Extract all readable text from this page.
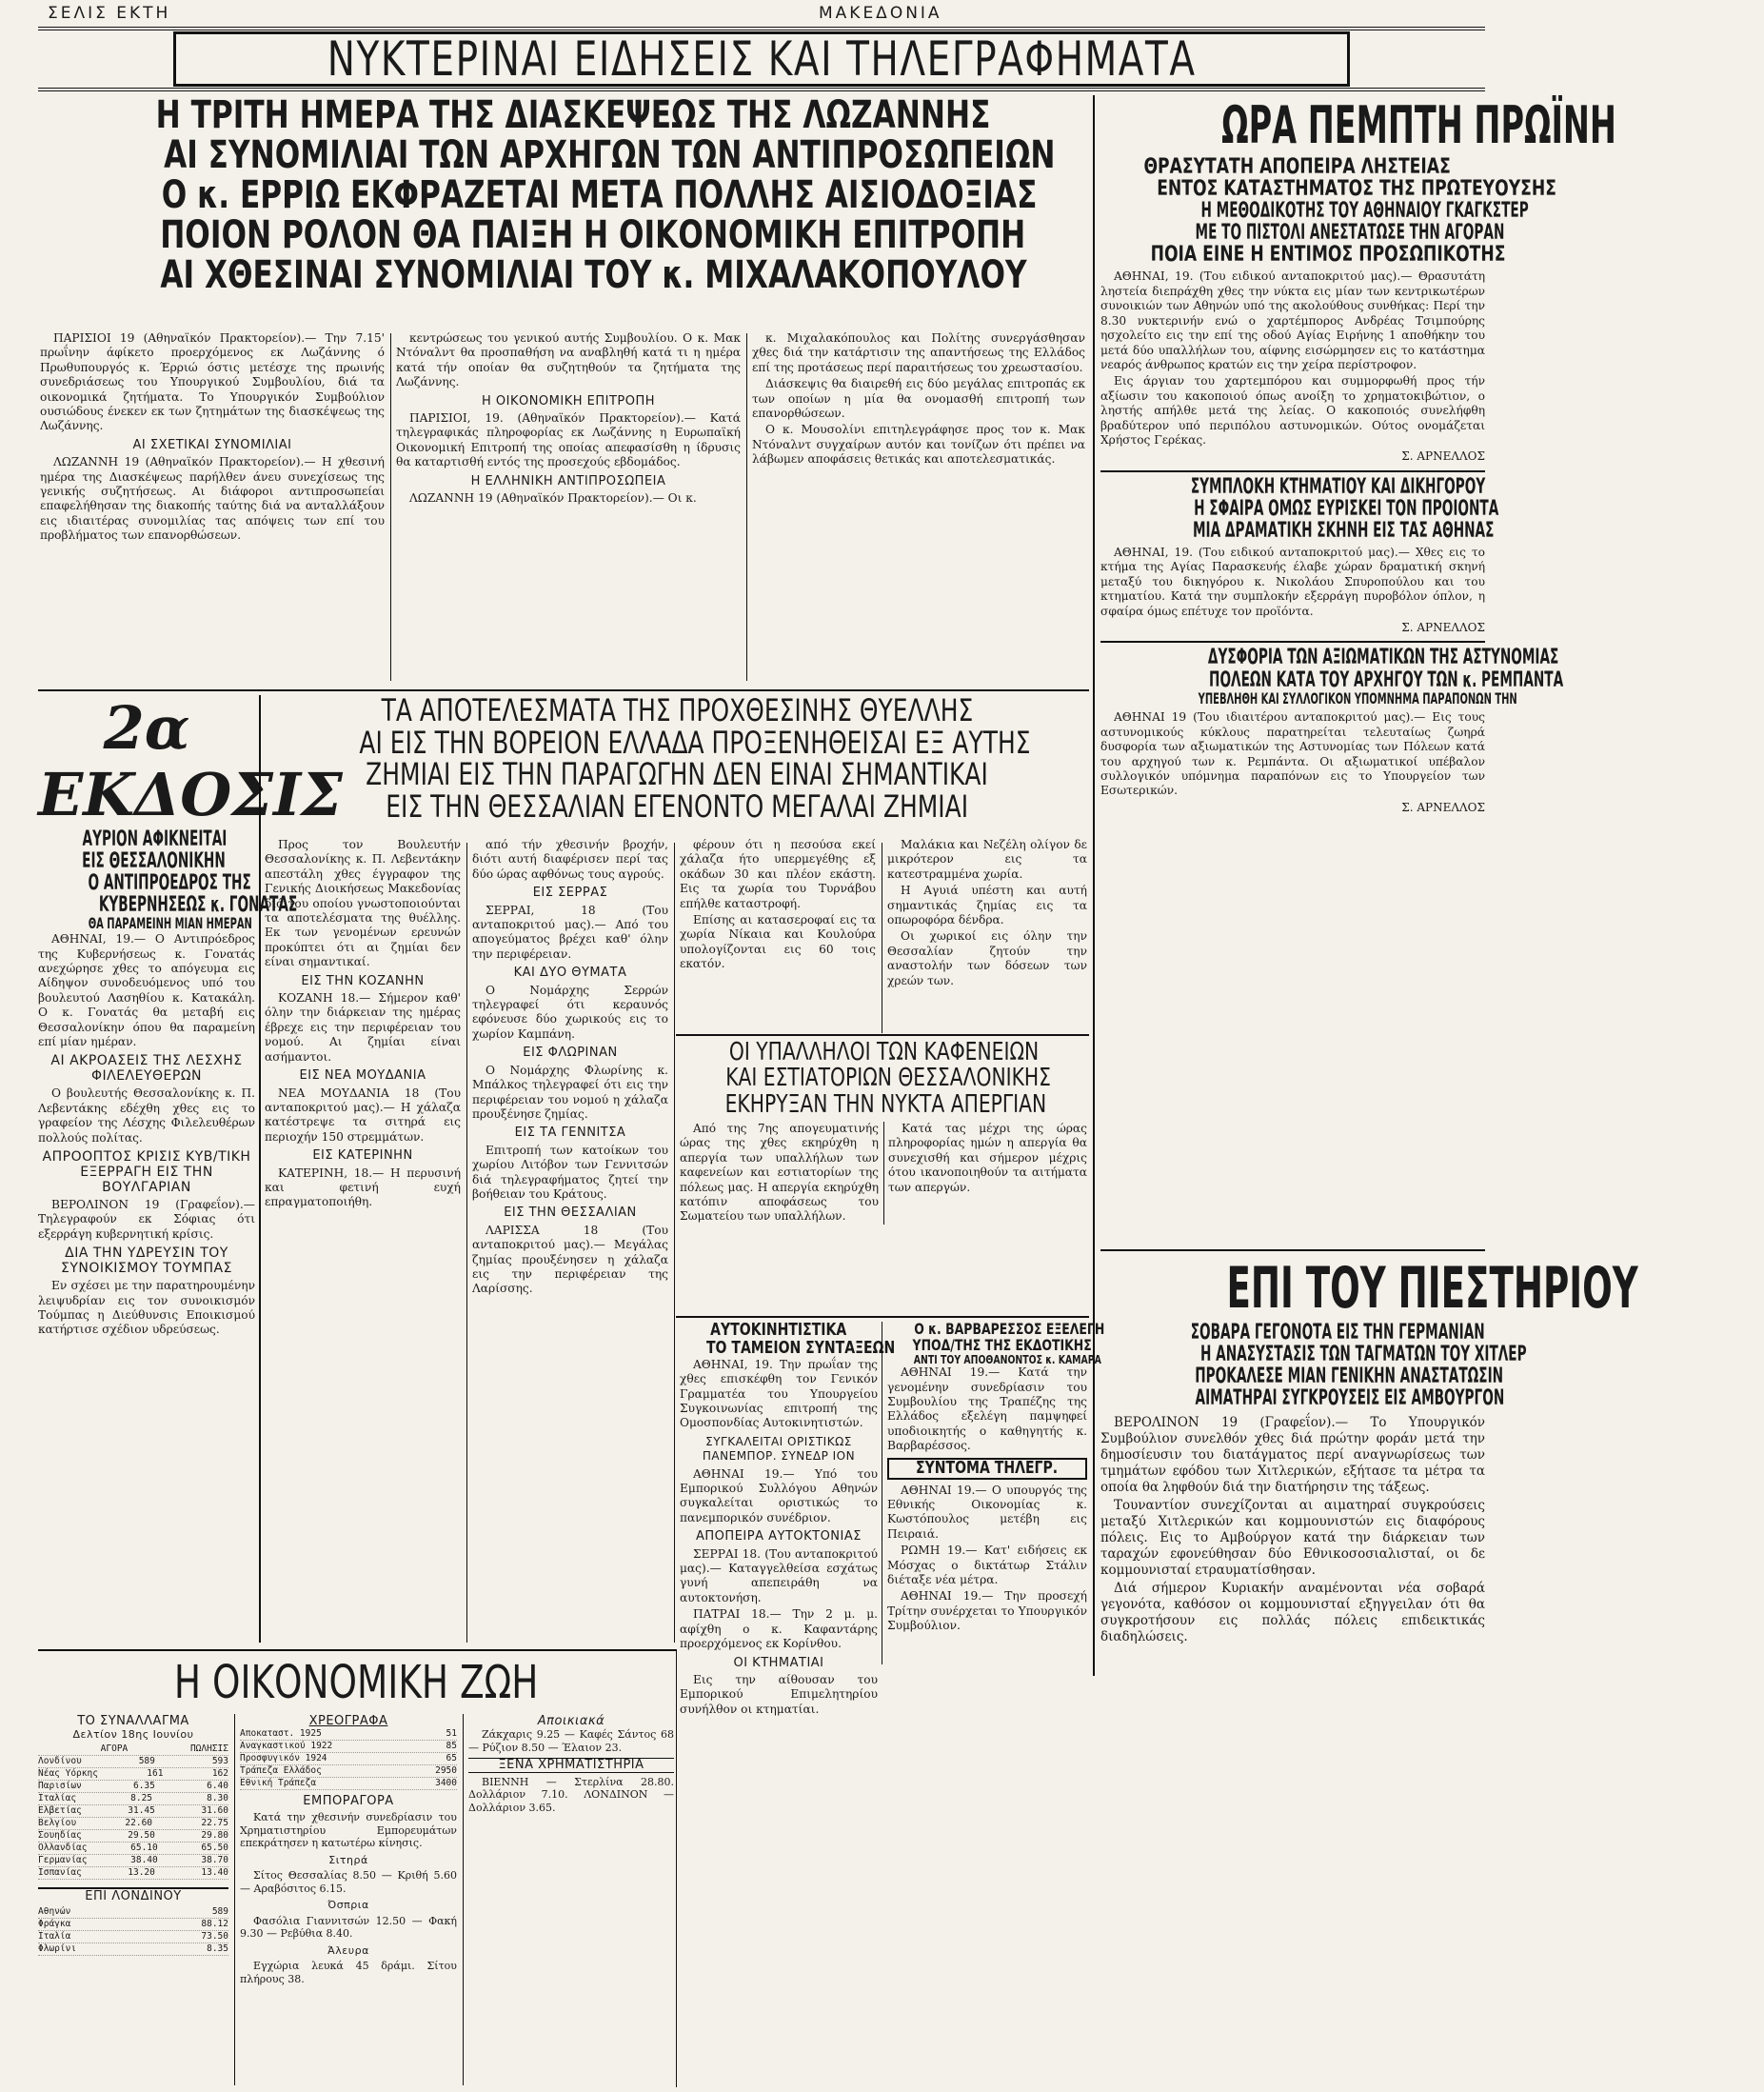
ΣΕΛΙΣ ΕΚΤΗ	ΜΑΚΕΔΟΝΙΑ
ΝΥΚΤΕΡΙΝΑΙ ΕΙΔΗΣΕΙΣ ΚΑΙ ΤΗΛΕΓΡΑΦΗΜΑΤΑ
Η ΤΡΙΤΗ ΗΜΕΡΑ ΤΗΣ ΔΙΑΣΚΕΨΕΩΣ ΤΗΣ ΛΩΖΑΝΝΗΣ
ΑΙ ΣΥΝΟΜΙΛΙΑΙ ΤΩΝ ΑΡΧΗΓΩΝ ΤΩΝ ΑΝΤΙΠΡΟΣΩΠΕΙΩΝ
Ο κ. ΕΡΡΙΩ ΕΚΦΡΑΖΕΤΑΙ ΜΕΤΑ ΠΟΛΛΗΣ ΑΙΣΙΟΔΟΞΙΑΣ
ΠΟΙΟΝ ΡΟΛΟΝ ΘΑ ΠΑΙΞΗ Η ΟΙΚΟΝΟΜΙΚΗ ΕΠΙΤΡΟΠΗ
ΑΙ ΧΘΕΣΙΝΑΙ ΣΥΝΟΜΙΛΙΑΙ ΤΟΥ κ. ΜΙΧΑΛΑΚΟΠΟΥΛΟΥ

ΠΑΡΙΣΙΟΙ 19 (Αθηναϊκόν Πρακτορείον).— Την 7.15' πρωΐνην άφίκετο προερχόμενος εκ Λωζάννης ό Πρωθυπουργός κ. Έρριώ όστις μετέσχε της πρωινής συνεδριάσεως του Υπουργικού Συμβουλίου, διά τα οικονομικά ζητήματα. Το Υπουργικόν Συμβούλιον ουσιώδους ένεκεν εκ των ζητημάτων της διασκέψεως της Λωζάννης.

ΑΙ ΣΧΕΤΙΚΑΙ ΣΥΝΟΜΙΛΙΑΙ

ΛΩΖΑΝΝΗ 19 (Αθηναϊκόν Πρακτορείον).— Η χθεσινή ημέρα της Διασκέψεως παρήλθεν άνευ συνεχίσεως της γενικής συζητήσεως. Αι διάφοροι αντιπροσωπείαι επαφελήθησαν της διακοπής ταύτης διά να ανταλλάξουν εις ιδιαιτέρας συνομιλίας τας απόψεις των επί του προβλήματος των επανορθώσεων.

κεντρώσεως του γενικού αυτής Συμβουλίου. Ο κ. Μακ Ντόναλντ θα προσπαθήση να αναβληθή κατά τι η ημέρα κατά τήν οποίαν θα συζητηθούν τα ζητήματα της Λωζάννης.

Η ΟΙΚΟΝΟΜΙΚΗ ΕΠΙΤΡΟΠΗ

ΠΑΡΙΣΙΟΙ, 19. (Αθηναϊκόν Πρακτορείον).— Κατά τηλεγραφικάς πληροφορίας εκ Λωζάννης η Ευρωπαϊκή Οικονομική Επιτροπή της οποίας απεφασίσθη η ίδρυσις θα καταρτισθή εντός της προσεχούς εβδομάδος.

Η ΕΛΛΗΝΙΚΗ ΑΝΤΙΠΡΟΣΩΠΕΙΑ

ΛΩΖΑΝΝΗ 19 (Αθηναϊκόν Πρακτορείον).— Οι κ.

κ. Μιχαλακόπουλος και Πολίτης συνεργάσθησαν χθες διά την κατάρτισιν της απαντήσεως της Ελλάδος επί της προτάσεως περί παραιτήσεως του χρεωστασίου.

Διάσκεψις θα διαιρεθή εις δύο μεγάλας επιτροπάς εκ των οποίων η μία θα ονομασθή επιτροπή των επανορθώσεων.

Ο κ. Μουσολίνι επιτηλεγράφησε προς τον κ. Μακ Ντόναλντ συγχαίρων αυτόν και τονίζων ότι πρέπει να λάβωμεν αποφάσεις θετικάς και αποτελεσματικάς.

ΩΡΑ ΠΕΜΠΤΗ ΠΡΩΪΝΗ
ΘΡΑΣΥΤΑΤΗ ΑΠΟΠΕΙΡΑ ΛΗΣΤΕΙΑΣ
ΕΝΤΟΣ ΚΑΤΑΣΤΗΜΑΤΟΣ ΤΗΣ ΠΡΩΤΕΥΟΥΣΗΣ
Η ΜΕΘΟΔΙΚΟΤΗΣ ΤΟΥ ΑΘΗΝΑΙΟΥ ΓΚΑΓΚΣΤΕΡ
ΜΕ ΤΟ ΠΙΣΤΟΛΙ ΑΝΕΣΤΑΤΩΣΕ ΤΗΝ ΑΓΟΡΑΝ
ΠΟΙΑ ΕΙΝΕ Η ΕΝΤΙΜΟΣ ΠΡΟΣΩΠΙΚΟΤΗΣ

ΑΘΗΝΑΙ, 19. (Του ειδικού ανταποκριτού μας).— Θρασυτάτη ληστεία διεπράχθη χθες την νύκτα εις μίαν των κεντρικωτέρων συνοικιών των Αθηνών υπό της ακολούθους συνθήκας: Περί την 8.30 νυκτερινήν ενώ ο χαρτέμπορος Ανδρέας Τσιμπούρης ησχολείτο εις την επί της οδού Αγίας Ειρήνης 1 αποθήκην του μετά δύο υπαλλήλων του, αίφνης εισώρμησεν εις το κατάστημα νεαρός άνθρωπος κρατών εις την χείρα περίστροφον.

Εις άργιαν του χαρτεμπόρου και συμμορφωθή προς τήν αξίωσιν του κακοποιού όπως ανοίξη το χρηματοκιβώτιον, ο ληστής απήλθε μετά της λείας. Ο κακοποιός συνελήφθη βραδύτερον υπό περιπόλου αστυνομικών. Ούτος ονομάζεται Χρήστος Γερέκας.

Σ. ΑΡΝΕΛΛΟΣ
ΣΥΜΠΛΟΚΗ ΚΤΗΜΑΤΙΟΥ ΚΑΙ ΔΙΚΗΓΟΡΟΥ
Η ΣΦΑΙΡΑ ΟΜΩΣ ΕΥΡΙΣΚΕΙ ΤΟΝ ΠΡΟΙΟΝΤΑ
ΜΙΑ ΔΡΑΜΑΤΙΚΗ ΣΚΗΝΗ ΕΙΣ ΤΑΣ ΑΘΗΝΑΣ

ΑΘΗΝΑΙ, 19. (Του ειδικού ανταποκριτού μας).— Χθες εις το κτήμα της Αγίας Παρασκευής έλαβε χώραν δραματική σκηνή μεταξύ του δικηγόρου κ. Νικολάου Σπυροπούλου και του κτηματίου. Κατά την συμπλοκήν εξερράγη πυροβόλον όπλον, η σφαίρα όμως επέτυχε τον προϊόντα.

Σ. ΑΡΝΕΛΛΟΣ
ΔΥΣΦΟΡΙΑ ΤΩΝ ΑΞΙΩΜΑΤΙΚΩΝ ΤΗΣ ΑΣΤΥΝΟΜΙΑΣ
ΠΟΛΕΩΝ ΚΑΤΑ ΤΟΥ ΑΡΧΗΓΟΥ ΤΩΝ κ. ΡΕΜΠΑΝΤΑ
ΥΠΕΒΛΗΘΗ ΚΑΙ ΣΥΛΛΟΓΙΚΟΝ ΥΠΟΜΝΗΜΑ ΠΑΡΑΠΟΝΩΝ ΤΗΝ

ΑΘΗΝΑΙ 19 (Του ιδιαιτέρου ανταποκριτού μας).— Εις τους αστυνομικούς κύκλους παρατηρείται τελευταίως ζωηρά δυσφορία των αξιωματικών της Αστυνομίας των Πόλεων κατά του αρχηγού των κ. Ρεμπάντα. Οι αξιωματικοί υπέβαλον συλλογικόν υπόμνημα παραπόνων εις το Υπουργείον των Εσωτερικών.

Σ. ΑΡΝΕΛΛΟΣ
ΕΠΙ ΤΟΥ ΠΙΕΣΤΗΡΙΟΥ
ΣΟΒΑΡΑ ΓΕΓΟΝΟΤΑ ΕΙΣ ΤΗΝ ΓΕΡΜΑΝΙΑΝ
Η ΑΝΑΣΥΣΤΑΣΙΣ ΤΩΝ ΤΑΓΜΑΤΩΝ ΤΟΥ ΧΙΤΛΕΡ
ΠΡΟΚΑΛΕΣΕ ΜΙΑΝ ΓΕΝΙΚΗΝ ΑΝΑΣΤΑΤΩΣΙΝ
ΑΙΜΑΤΗΡΑΙ ΣΥΓΚΡΟΥΣΕΙΣ ΕΙΣ ΑΜΒΟΥΡΓΟΝ

ΒΕΡΟΛΙΝΟΝ 19 (Γραφεΐον).— Το Υπουργικόν Συμβούλιον συνελθόν χθες διά πρώτην φοράν μετά την δημοσίευσιν του διατάγματος περί αναγνωρίσεως των τμημάτων εφόδου των Χιτλερικών, εξήτασε τα μέτρα τα οποία θα ληφθούν διά την διατήρησιν της τάξεως.

Τουναντίον συνεχίζονται αι αιματηραί συγκρούσεις μεταξύ Χιτλερικών και κομμουνιστών εις διαφόρους πόλεις. Εις το Αμβούργον κατά την διάρκειαν των ταραχών εφονεύθησαν δύο Εθνικοσοσιαλισταί, οι δε κομμουνισταί ετραυματίσθησαν.

Διά σήμερον Κυριακήν αναμένονται νέα σοβαρά γεγονότα, καθόσον οι κομμουνισταί εξηγγειλαν ότι θα συγκροτήσουν εις πολλάς πόλεις επιδεικτικάς διαδηλώσεις.

2α ΕΚΔΟΣΙΣ
ΑΥΡΙΟΝ ΑΦΙΚΝΕΙΤΑΙ
ΕΙΣ ΘΕΣΣΑΛΟΝΙΚΗΝ
Ο ΑΝΤΙΠΡΟΕΔΡΟΣ ΤΗΣ
ΚΥΒΕΡΝΗΣΕΩΣ κ. ΓΟΝΑΤΑΣ
ΘΑ ΠΑΡΑΜΕΙΝΗ ΜΙΑΝ ΗΜΕΡΑΝ

ΑΘΗΝΑΙ, 19.— Ο Αντιπρόεδρος της Κυβερνήσεως κ. Γονατάς ανεχώρησε χθες το απόγευμα εις Αίδηψον συνοδευόμενος υπό του βουλευτού Λασηθίου κ. Κατακάλη. Ο κ. Γονατάς θα μεταβή εις Θεσσαλονίκην όπου θα παραμείνη επί μίαν ημέραν.

ΑΙ ΑΚΡΟΑΣΕΙΣ ΤΗΣ ΛΕΣΧΗΣ ΦΙΛΕΛΕΥΘΕΡΩΝ

Ο βουλευτής Θεσσαλονίκης κ. Π. Λεβεντάκης εδέχθη χθες εις το γραφείον της Λέσχης Φιλελευθέρων πολλούς πολίτας.

ΑΠΡΟΟΠΤΟΣ ΚΡΙΣΙΣ ΚΥΒ/ΤΙΚΗ ΕΞΕΡΡΑΓΗ ΕΙΣ ΤΗΝ ΒΟΥΛΓΑΡΙΑΝ

ΒΕΡΟΛΙΝΟΝ 19 (Γραφεΐον).— Τηλεγραφούν εκ Σόφιας ότι εξερράγη κυβερνητική κρίσις.

ΔΙΑ ΤΗΝ ΥΔΡΕΥΣΙΝ ΤΟΥ ΣΥΝΟΙΚΙΣΜΟΥ ΤΟΥΜΠΑΣ

Εν σχέσει με την παρατηρουμένην λειψυδρίαν εις τον συνοικισμόν Τούμπας η Διεύθυνσις Εποικισμού κατήρτισε σχέδιον υδρεύσεως.

ΤΑ ΑΠΟΤΕΛΕΣΜΑΤΑ ΤΗΣ ΠΡΟΧΘΕΣΙΝΗΣ ΘΥΕΛΛΗΣ
ΑΙ ΕΙΣ ΤΗΝ ΒΟΡΕΙΟΝ ΕΛΛΑΔΑ ΠΡΟΞΕΝΗΘΕΙΣΑΙ ΕΞ ΑΥΤΗΣ
ΖΗΜΙΑΙ ΕΙΣ ΤΗΝ ΠΑΡΑΓΩΓΗΝ ΔΕΝ ΕΙΝΑΙ ΣΗΜΑΝΤΙΚΑΙ
ΕΙΣ ΤΗΝ ΘΕΣΣΑΛΙΑΝ ΕΓΕΝΟΝΤΟ ΜΕΓΑΛΑΙ ΖΗΜΙΑΙ

Προς τον Βουλευτήν Θεσσαλονίκης κ. Π. Λεβεντάκην απεστάλη χθες έγγραφον της Γενικής Διοικήσεως Μακεδονίας διά του οποίου γνωστοποιούνται τα αποτελέσματα της θυέλλης. Εκ των γενομένων ερευνών προκύπτει ότι αι ζημίαι δεν είναι σημαντικαί.

ΕΙΣ ΤΗΝ ΚΟΖΑΝΗΝ

ΚΟΖΑΝΗ 18.— Σήμερον καθ' όλην την διάρκειαν της ημέρας έβρεχε εις την περιφέρειαν του νομού. Αι ζημίαι είναι ασήμαντοι.

ΕΙΣ ΝΕΑ ΜΟΥΔΑΝΙΑ

ΝΕΑ ΜΟΥΔΑΝΙΑ 18 (Του ανταποκριτού μας).— Η χάλαζα κατέστρεψε τα σιτηρά εις περιοχήν 150 στρεμμάτων.

ΕΙΣ ΚΑΤΕΡΙΝΗΝ

ΚΑΤΕΡΙΝΗ, 18.— Η περυσινή και φετινή ευχή επραγματοποιήθη.

από τήν χθεσινήν βροχήν, διότι αυτή διαφέρισεν περί τας δύο ώρας αφθόνως τους αγρούς.

ΕΙΣ ΣΕΡΡΑΣ

ΣΕΡΡΑΙ, 18 (Του ανταποκριτού μας).— Από του απογεύματος βρέχει καθ' όλην την περιφέρειαν.

ΚΑΙ ΔΥΟ ΘΥΜΑΤΑ

Ο Νομάρχης Σερρών τηλεγραφεί ότι κεραυνός εφόνευσε δύο χωρικούς εις το χωρίον Καμπάνη.

ΕΙΣ ΦΛΩΡΙΝΑΝ

Ο Νομάρχης Φλωρίνης κ. Μπάλκος τηλεγραφεί ότι εις την περιφέρειαν του νομού η χάλαζα προυξένησε ζημίας.

ΕΙΣ ΤΑ ΓΕΝΝΙΤΣΑ

Επιτροπή των κατοίκων του χωρίου Λιτόβον των Γεννιτσών διά τηλεγραφήματος ζητεί την βοήθειαν του Κράτους.

ΕΙΣ ΤΗΝ ΘΕΣΣΑΛΙΑΝ

ΛΑΡΙΣΣΑ 18 (Του ανταποκριτού μας).— Μεγάλας ζημίας προυξένησεν η χάλαζα εις την περιφέρειαν της Λαρίσσης.

φέρουν ότι η πεσούσα εκεί χάλαζα ήτο υπερμεγέθης εξ οκάδων 30 και πλέον εκάστη. Εις τα χωρία του Τυρνάβου επήλθε καταστροφή.

Επίσης αι κατασεροφαί εις τα χωρία Νίκαια και Κουλούρα υπολογίζονται εις 60 τοις εκατόν.

Μαλάκια και Νεζέλη ολίγον δε μικρότερον εις τα κατεστραμμένα χωρία.

Η Αγυιά υπέστη και αυτή σημαντικάς ζημίας εις τα οπωροφόρα δένδρα.

Οι χωρικοί εις όλην την Θεσσαλίαν ζητούν την αναστολήν των δόσεων των χρεών των.

ΟΙ ΥΠΑΛΛΗΛΟΙ ΤΩΝ ΚΑΦΕΝΕΙΩΝ
ΚΑΙ ΕΣΤΙΑΤΟΡΙΩΝ ΘΕΣΣΑΛΟΝΙΚΗΣ
ΕΚΗΡΥΞΑΝ ΤΗΝ ΝΥΚΤΑ ΑΠΕΡΓΙΑΝ

Από της 7ης απογευματινής ώρας της χθες εκηρύχθη η απεργία των υπαλλήλων των καφενείων και εστιατορίων της πόλεως μας. Η απεργία εκηρύχθη κατόπιν αποφάσεως του Σωματείου των υπαλλήλων.

Κατά τας μέχρι της ώρας πληροφορίας ημών η απεργία θα συνεχισθή και σήμερον μέχρις ότου ικανοποιηθούν τα αιτήματα των απεργών.

ΑΥΤΟΚΙΝΗΤΙΣΤΙΚΑ
ΤΟ ΤΑΜΕΙΟΝ ΣΥΝΤΑΞΕΩΝ

ΑΘΗΝΑΙ, 19. Την πρωΐαν της χθες επισκέφθη τον Γενικόν Γραμματέα του Υπουργείου Συγκοινωνίας επιτροπή της Ομοσπονδίας Αυτοκινητιστών.

ΣΥΓΚΑΛΕΙΤΑΙ ΟΡΙΣΤΙΚΩΣ ΠΑΝΕΜΠΟΡ. ΣΥΝΕΔΡ ΙΟΝ

ΑΘΗΝΑΙ 19.— Υπό του Εμπορικού Συλλόγου Αθηνών συγκαλείται οριστικώς το πανεμπορικόν συνέδριον.

ΑΠΟΠΕΙΡΑ ΑΥΤΟΚΤΟΝΙΑΣ

ΣΕΡΡΑΙ 18. (Του ανταποκριτού μας).— Καταγγελθείσα εσχάτως γυνή απεπειράθη να αυτοκτονήση.

ΠΑΤΡΑΙ 18.— Την 2 μ. μ. αφίχθη ο κ. Καφαντάρης προερχόμενος εκ Κορίνθου.

ΟΙ ΚΤΗΜΑΤΙΑΙ

Εις την αίθουσαν του Εμπορικού Επιμελητηρίου συνήλθον οι κτηματίαι.

Ο κ. ΒΑΡΒΑΡΕΣΣΟΣ ΕΞΕΛΕΓΗ
ΥΠΟΔ/ΤΗΣ ΤΗΣ ΕΚΔΟΤΙΚΗΣ
ΑΝΤΙ ΤΟΥ ΑΠΟΘΑΝΟΝΤΟΣ κ. ΚΑΜΑΡΑ

ΑΘΗΝΑΙ 19.— Κατά την γενομένην συνεδρίασιν του Συμβουλίου της Τραπέζης της Ελλάδος εξελέγη παμψηφεί υποδιοικητής ο καθηγητής κ. Βαρβαρέσσος.

ΣΥΝΤΟΜΑ ΤΗΛΕΓΡ.

ΑΘΗΝΑΙ 19.— Ο υπουργός της Εθνικής Οικονομίας κ. Κωστόπουλος μετέβη εις Πειραιά.

ΡΩΜΗ 19.— Κατ' ειδήσεις εκ Μόσχας ο δικτάτωρ Στάλιν διέταξε νέα μέτρα.

ΑΘΗΝΑΙ 19.— Την προσεχή Τρίτην συνέρχεται το Υπουργικόν Συμβούλιον.

Η ΟΙΚΟΝΟΜΙΚΗ ΖΩΗ
ΤΟ ΣΥΝΑΛΛΑΓΜΑ
Δελτίον 18ης Ιουνίου
ΑΓΟΡΑ	ΠΩΛΗΣΙΣ
Λονδίνου	589	593
Νέας Υόρκης	161	162
Παρισίων	6.35	6.40
Ιταλίας	8.25	8.30
Ελβετίας	31.45	31.60
Βελγίου	22.60	22.75
Σουηδίας	29.50	29.80
Ολλανδίας	65.10	65.50
Γερμανίας	38.40	38.70
Ισπανίας	13.20	13.40
ΕΠΙ ΛΟΝΔΙΝΟΥ
Αθηνών	589
Φράγκα	88.12
Ιταλία	73.50
Φλωρίνι	8.35
ΧΡΕΟΓΡΑΦΑ
Αποκαταστ. 1925	51
Αναγκαστικού 1922	85
Προσφυγικόν 1924	65
Τράπεζα Ελλάδος	2950
Εθνική Τράπεζα	3400
ΕΜΠΟΡΑΓΟΡΑ

Κατά την χθεσινήν συνεδρίασιν του Χρηματιστηρίου Εμπορευμάτων επεκράτησεν η κατωτέρω κίνησις.

Σιτηρά

Σίτος Θεσσαλίας 8.50 — Κριθή 5.60 — Αραβόσιτος 6.15.

Όσπρια

Φασόλια Γιαννιτσών 12.50 — Φακή 9.30 — Ρεβύθια 8.40.

Άλευρα

Εγχώρια λευκά 45 δράμι. Σίτου πλήρους 38.

Αποικιακά

Ζάκχαρις 9.25 — Καφές Σάντος 68 — Ρύζιον 8.50 — Έλαιον 23.

ΞΕΝΑ ΧΡΗΜΑΤΙΣΤΗΡΙΑ

ΒΙΕΝΝΗ — Στερλίνα 28.80. Δολλάριον 7.10. ΛΟΝΔΙΝΟΝ — Δολλάριον 3.65.
